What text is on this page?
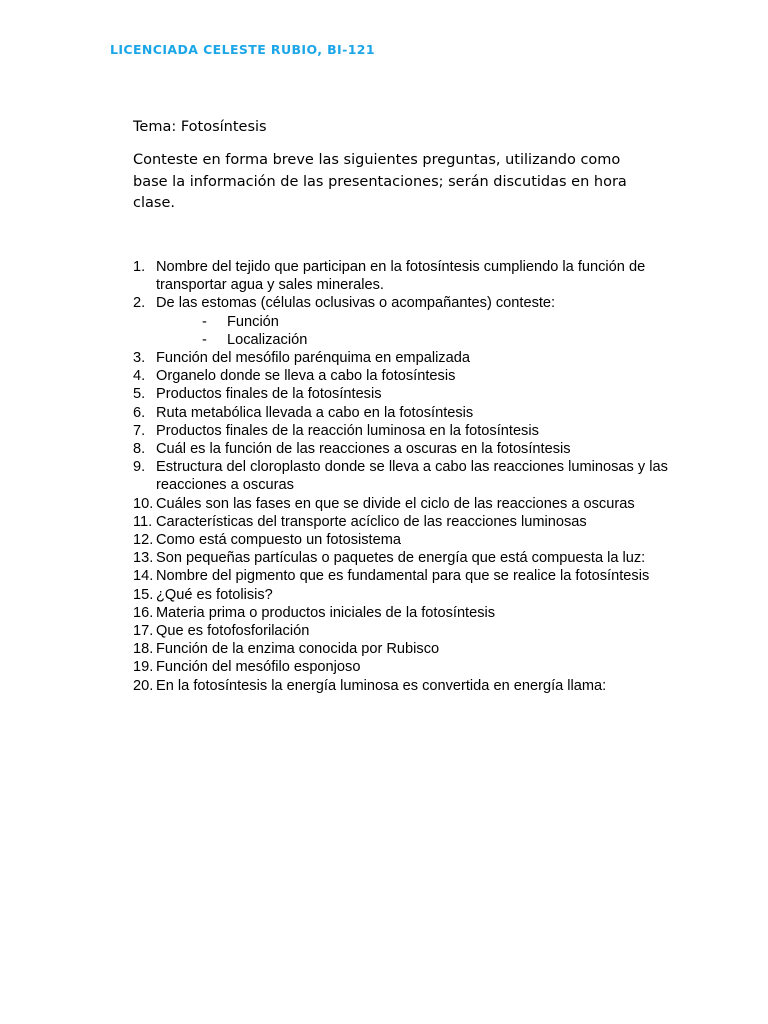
LICENCIADA CELESTE RUBIO, BI-121
Tema: Fotosíntesis
Conteste en forma breve las siguientes preguntas, utilizando como base la información de las presentaciones; serán discutidas en hora clase.
1. Nombre del tejido que participan en la fotosíntesis cumpliendo la función de transportar agua y sales minerales.
2. De las estomas (células oclusivas o acompañantes) conteste:
-	Función
-	Localización
3. Función del mesófilo parénquima en empalizada
4. Organelo donde se lleva a cabo la fotosíntesis
5. Productos finales de la fotosíntesis
6. Ruta metabólica llevada a cabo en la fotosíntesis
7. Productos finales de la reacción luminosa en la fotosíntesis
8. Cuál es la función de las reacciones a oscuras en la fotosíntesis
9. Estructura del cloroplasto donde se lleva a cabo las reacciones luminosas y las reacciones a oscuras
10. Cuáles son las fases en que se divide el ciclo de las reacciones a oscuras
11. Características del transporte acíclico de las reacciones luminosas
12. Como está compuesto un fotosistema
13. Son pequeñas partículas o paquetes de energía que está compuesta la luz:
14. Nombre del pigmento que es fundamental para que se realice la fotosíntesis
15. ¿Qué es fotolisis?
16. Materia prima o productos iniciales de la fotosíntesis
17. Que es fotofosforilación
18. Función de la enzima conocida por Rubisco
19. Función del mesófilo esponjoso
20. En la fotosíntesis la energía luminosa es convertida en energía llama:
